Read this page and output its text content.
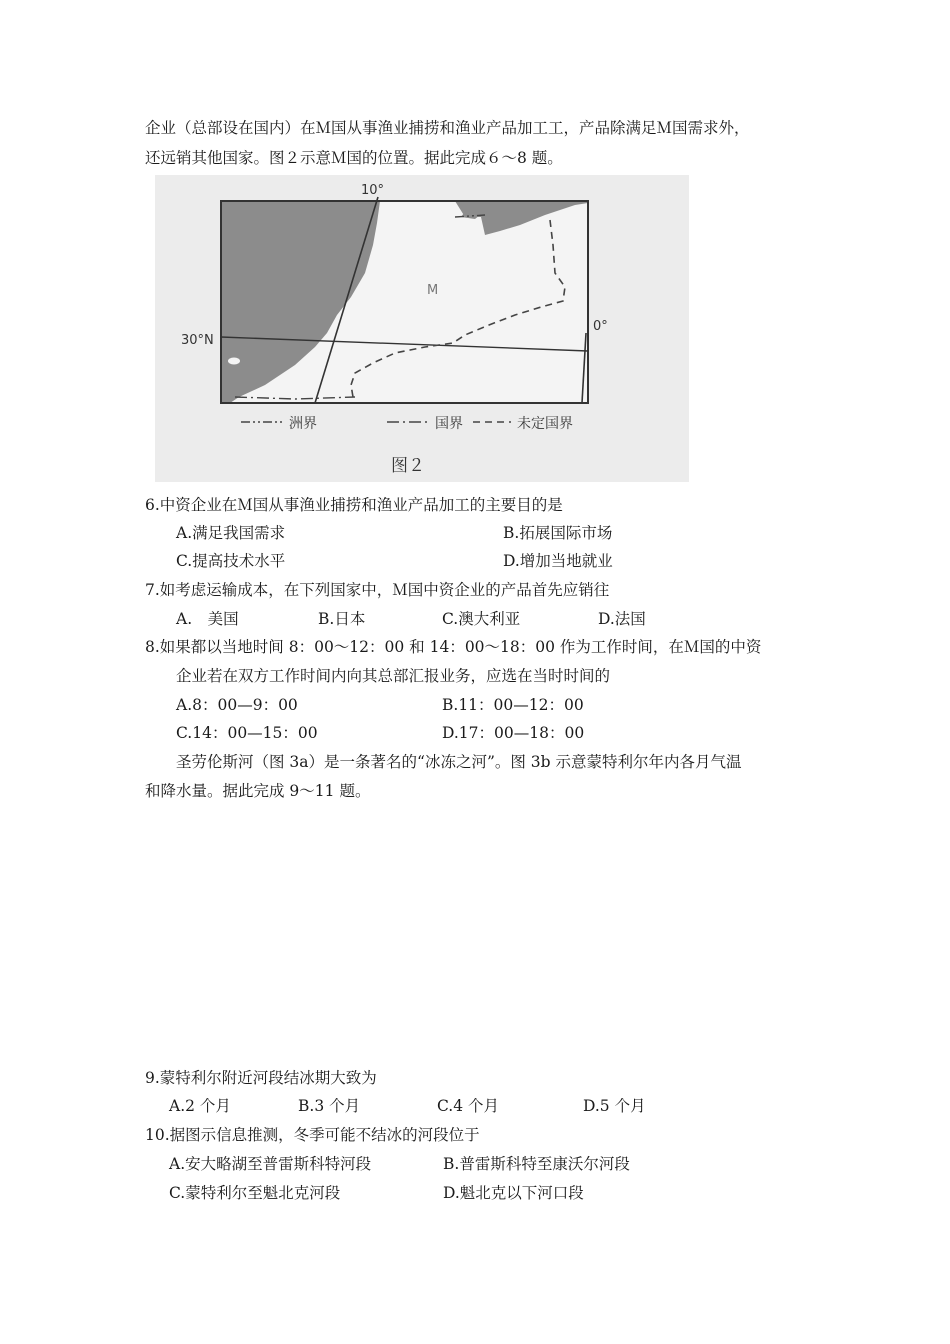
企业（总部设在国内）在Ｍ国从事渔业捕捞和渔业产品加工工，产品除满足Ｍ国需求外，
还远销其他国家。图２示意Ｍ国的位置。据此完成６～8 题。
10°
0°
30°N
M
洲界	国界	未定国界
图２
6.中资企业在Ｍ国从事渔业捕捞和渔业产品加工的主要目的是
A.满足我国需求	B.拓展国际市场
C.提高技术水平	D.增加当地就业
7.如考虑运输成本，在下列国家中，Ｍ国中资企业的产品首先应销往
A.　美国	B.日本	C.澳大利亚	D.法国
8.如果都以当地时间 8：00～12：00 和 14：00～18：00 作为工作时间，在Ｍ国的中资
企业若在双方工作时间内向其总部汇报业务，应选在当时时间的
A.8：00—9：00	B.11：00—12：00
C.14：00—15：00	D.17：00—18：00
圣劳伦斯河（图 3a）是一条著名的“冰冻之河”。图 3b 示意蒙特利尔年内各月气温
和降水量。据此完成 9～11 题。
9.蒙特利尔附近河段结冰期大致为
A.2 个月	B.3 个月	C.4 个月	D.5 个月
10.据图示信息推测，冬季可能不结冰的河段位于
A.安大略湖至普雷斯科特河段	B.普雷斯科特至康沃尔河段
C.蒙特利尔至魁北克河段	D.魁北克以下河口段
